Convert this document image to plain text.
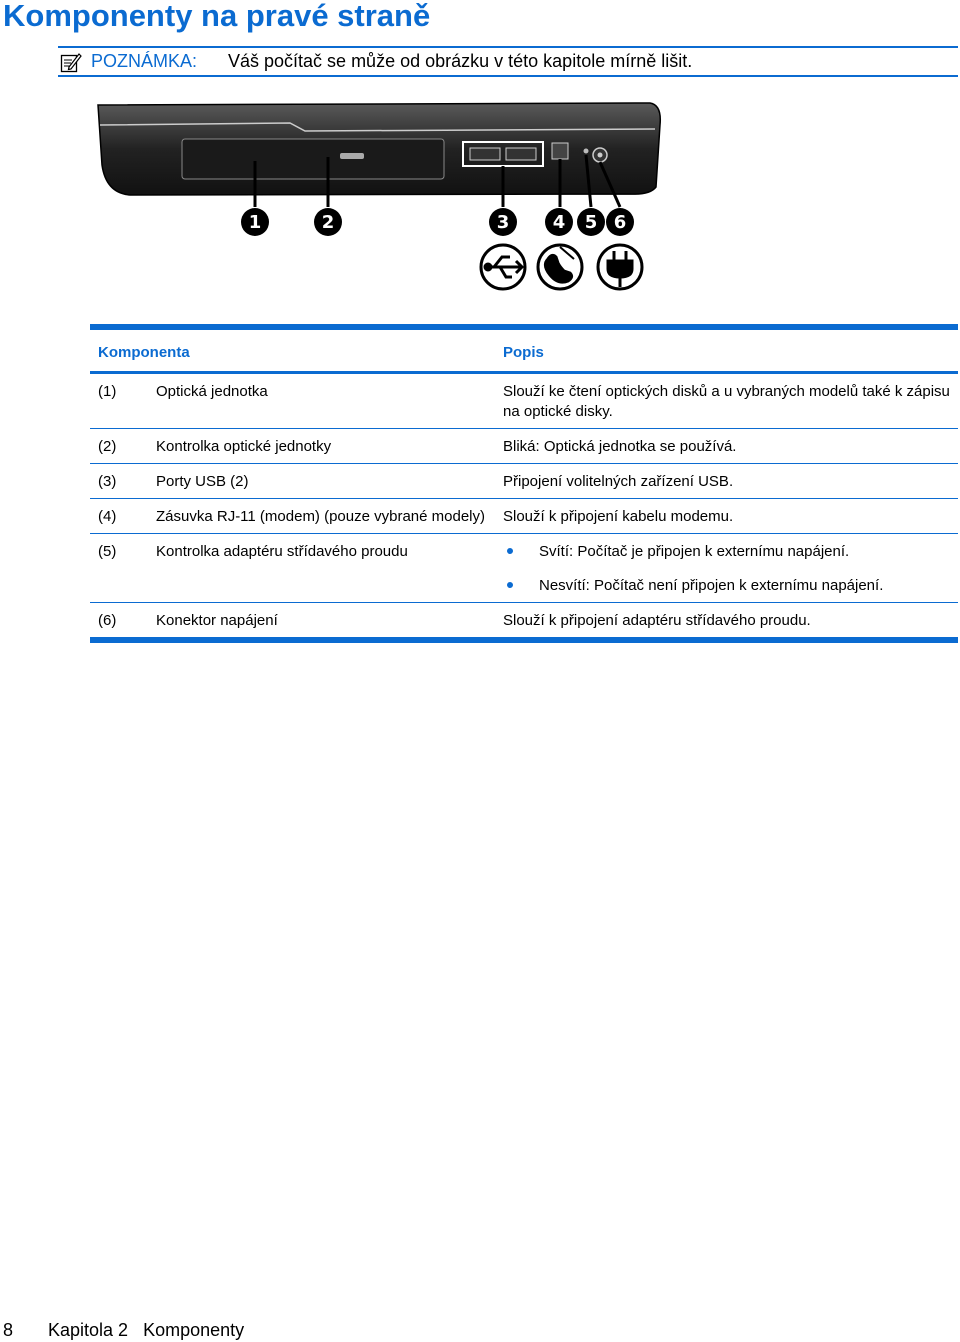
Komponenty na pravé straně
POZNÁMKA: Váš počítač se může od obrázku v této kapitole mírně lišit.
1	2	3 4 5 6
Komponenta		Popis
(1)	Optická jednotka	Slouží ke čtení optických disků a u vybraných modelů také k zápisu na optické disky.
(2)	Kontrolka optické jednotky	Bliká: Optická jednotka se používá.
(3)	Porty USB (2)	Připojení volitelných zařízení USB.
(4)	Zásuvka RJ-11 (modem) (pouze vybrané modely)	Slouží k připojení kabelu modemu.
(5)	Kontrolka adaptéru střídavého proudu	Svítí: Počítač je připojen k externímu napájení.
		Nesvítí: Počítač není připojen k externímu napájení.
(6)	Konektor napájení	Slouží k připojení adaptéru střídavého proudu.
8 Kapitola 2   Komponenty
